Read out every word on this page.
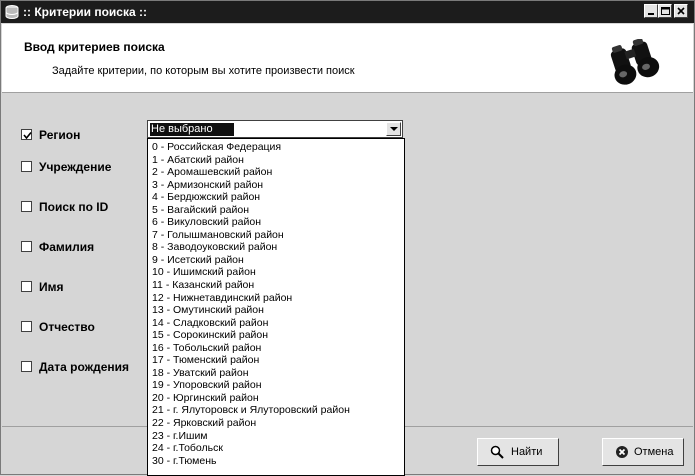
:: Критерии поиска ::
Ввод критериев поиска
Задайте критерии, по которым вы хотите произвести поиск
Регион
Учреждение
Поиск по ID
Фамилия
Имя
Отчество
Дата рождения
Не выбрано
Найти	Отмена
0 - Российская Федерация
1 - Абатский район
2 - Аромашевский район
3 - Армизонский район
4 - Бердюжский район
5 - Вагайский район
6 - Викуловский район
7 - Голышмановский район
8 - Заводоуковский район
9 - Исетский район
10 - Ишимский район
11 - Казанский район
12 - Нижнетавдинский район
13 - Омутинский район
14 - Сладковский район
15 - Сорокинский район
16 - Тобольский район
17 - Тюменский район
18 - Уватский район
19 - Упоровский район
20 - Юргинский район
21 - г. Ялуторовск и Ялуторовский район
22 - Ярковский район
23 - г.Ишим
24 - г.Тобольск
30 - г.Тюмень
